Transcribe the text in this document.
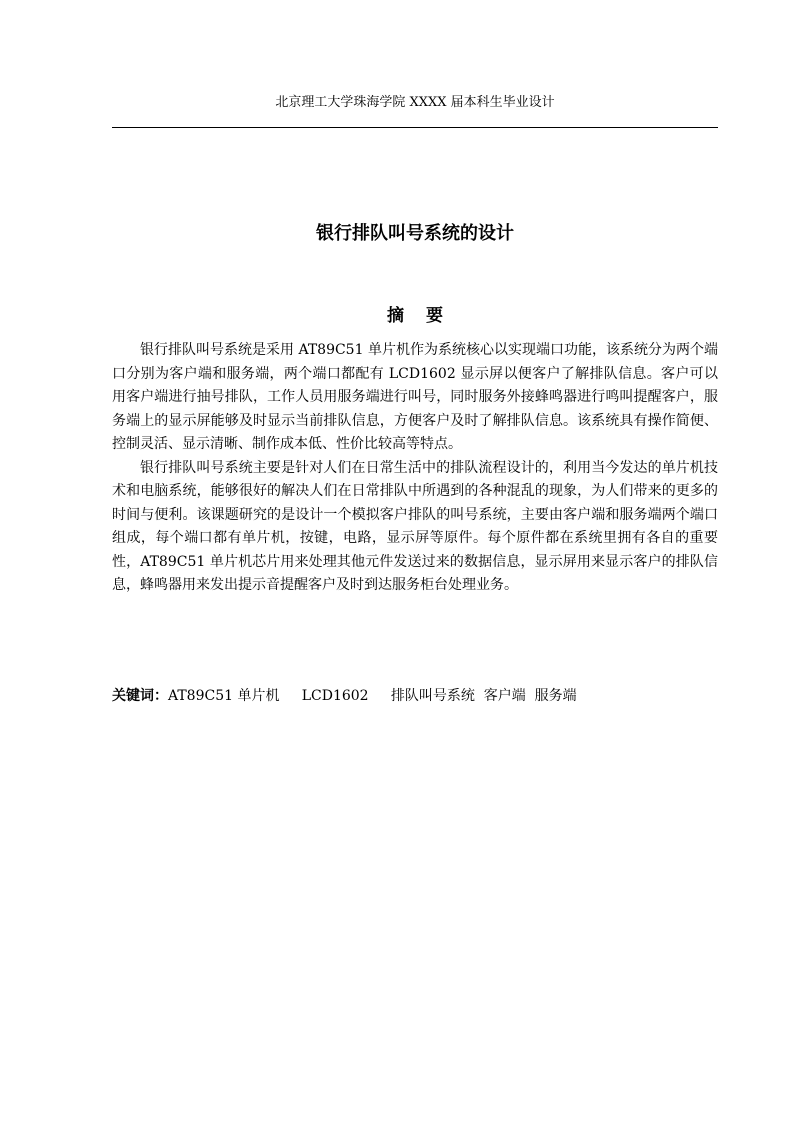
北京理工大学珠海学院 XXXX 届本科生毕业设计
银行排队叫号系统的设计
摘要

银行排队叫号系统是采用 AT89C51 单片机作为系统核心以实现端口功能，该系统分为两个端口分别为客户端和服务端，两个端口都配有 LCD1602 显示屏以便客户了解排队信息。客户可以用客户端进行抽号排队，工作人员用服务端进行叫号，同时服务外接蜂鸣器进行鸣叫提醒客户，服务端上的显示屏能够及时显示当前排队信息，方便客户及时了解排队信息。该系统具有操作简便、控制灵活、显示清晰、制作成本低、性价比较高等特点。

银行排队叫号系统主要是针对人们在日常生活中的排队流程设计的，利用当今发达的单片机技术和电脑系统，能够很好的解决人们在日常排队中所遇到的各种混乱的现象，为人们带来的更多的时间与便利。该课题研究的是设计一个模拟客户排队的叫号系统，主要由客户端和服务端两个端口组成，每个端口都有单片机，按键，电路，显示屏等原件。每个原件都在系统里拥有各自的重要性，AT89C51 单片机芯片用来处理其他元件发送过来的数据信息，显示屏用来显示客户的排队信息，蜂鸣器用来发出提示音提醒客户及时到达服务柜台处理业务。

关键词：AT89C51 单片机     LCD1602     排队叫号系统  客户端  服务端
